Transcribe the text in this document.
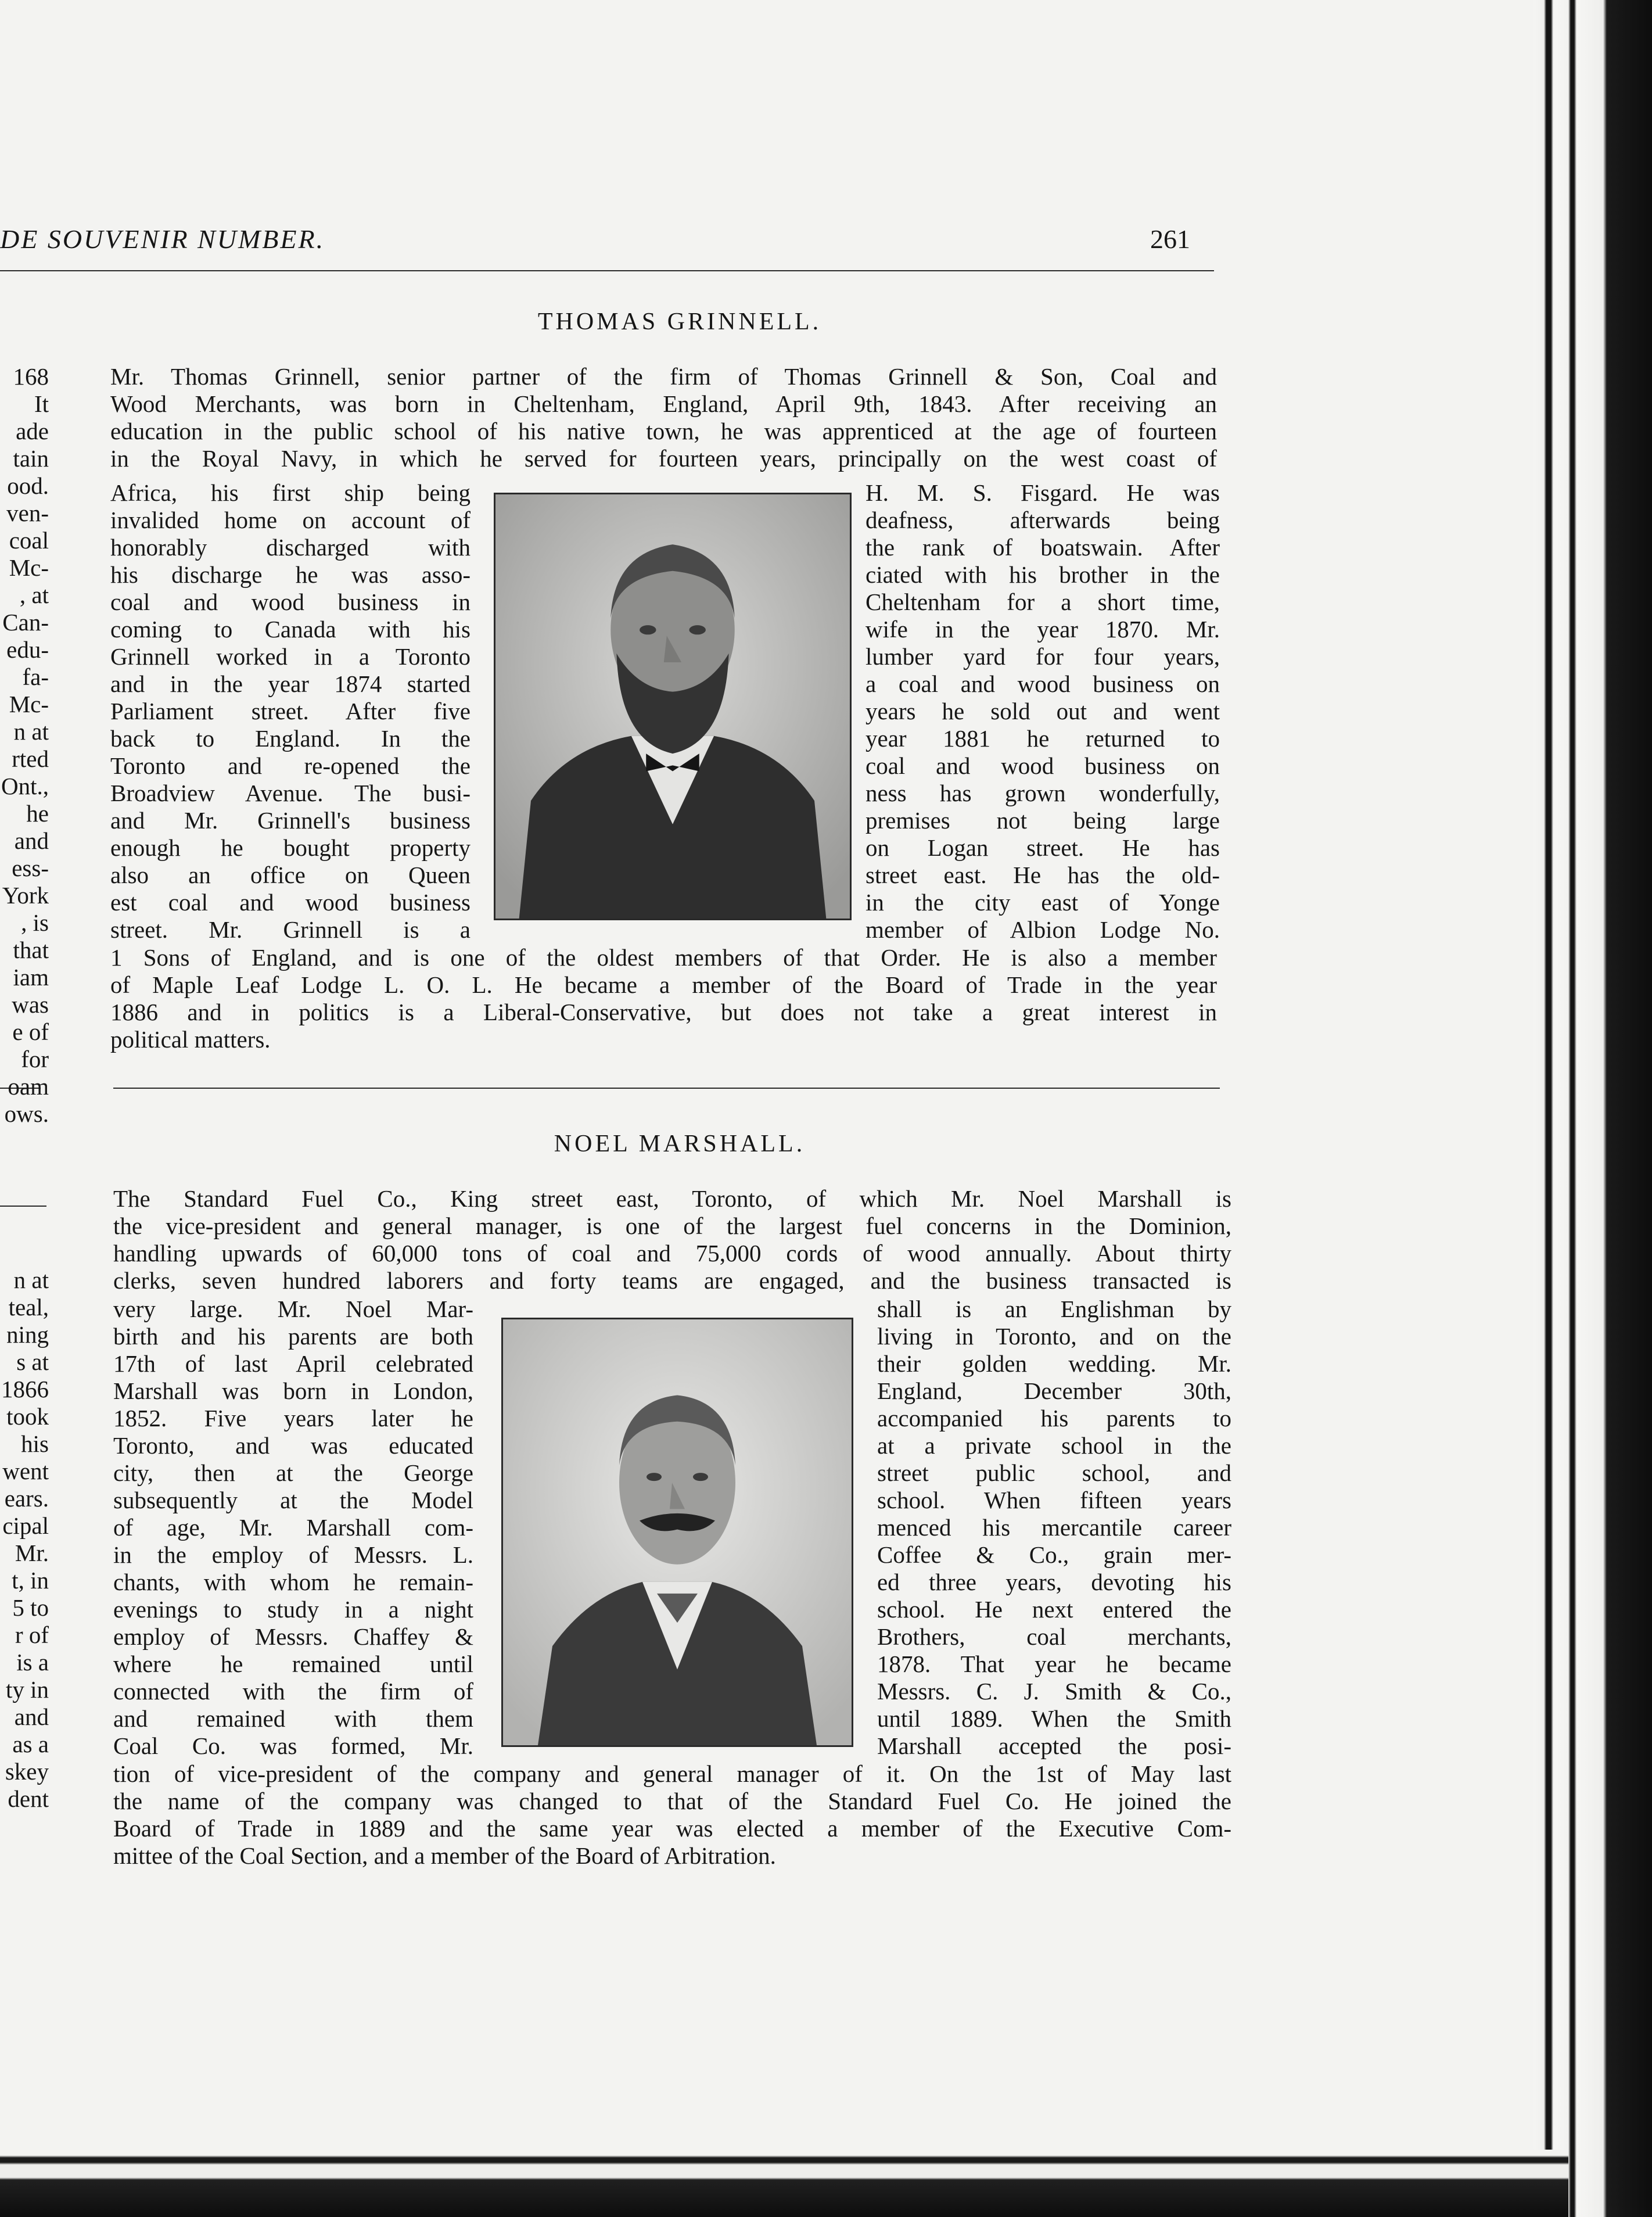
DE SOUVENIR NUMBER.	261
168
It
ade
tain
ood.
ven-
coal
Mc-
, at
Can-
edu-
fa-
Mc-
n at
rted
Ont.,
he
and
ess-
York
, is
that
iam
was
e of
for
oam
ows.
n at
teal,
ning
s at
1866
took
his
went
ears.
cipal
Mr.
t, in
5 to
r of
is a
ty in
and
as a
skey
dent
THOMAS GRINNELL.
Mr. Thomas Grinnell, senior partner of the firm of Thomas Grinnell & Son, Coal and
Wood Merchants, was born in Cheltenham, England, April 9th, 1843. After receiving an
education in the public school of his native town, he was apprenticed at the age of fourteen
in the Royal Navy, in which he served for fourteen years, principally on the west coast of
Africa, his first ship being
invalided home on account of
honorably discharged with
his discharge he was asso-
coal and wood business in
coming to Canada with his
Grinnell worked in a Toronto
and in the year 1874 started
Parliament street. After five
back to England. In the
Toronto and re-opened the
Broadview Avenue. The busi-
and Mr. Grinnell's business
enough he bought property
also an office on Queen
est coal and wood business
street. Mr. Grinnell is a
H. M. S. Fisgard. He was
deafness, afterwards being
the rank of boatswain. After
ciated with his brother in the
Cheltenham for a short time,
wife in the year 1870. Mr.
lumber yard for four years,
a coal and wood business on
years he sold out and went
year 1881 he returned to
coal and wood business on
ness has grown wonderfully,
premises not being large
on Logan street. He has
street east. He has the old-
in the city east of Yonge
member of Albion Lodge No.
1 Sons of England, and is one of the oldest members of that Order. He is also a member
of Maple Leaf Lodge L. O. L. He became a member of the Board of Trade in the year
1886 and in politics is a Liberal-Conservative, but does not take a great interest in
political matters.
NOEL MARSHALL.
The Standard Fuel Co., King street east, Toronto, of which Mr. Noel Marshall is
the vice-president and general manager, is one of the largest fuel concerns in the Dominion,
handling upwards of 60,000 tons of coal and 75,000 cords of wood annually. About thirty
clerks, seven hundred laborers and forty teams are engaged, and the business transacted is
very large. Mr. Noel Mar-
birth and his parents are both
17th of last April celebrated
Marshall was born in London,
1852. Five years later he
Toronto, and was educated
city, then at the George
subsequently at the Model
of age, Mr. Marshall com-
in the employ of Messrs. L.
chants, with whom he remain-
evenings to study in a night
employ of Messrs. Chaffey &
where he remained until
connected with the firm of
and remained with them
Coal Co. was formed, Mr.
shall is an Englishman by
living in Toronto, and on the
their golden wedding. Mr.
England, December 30th,
accompanied his parents to
at a private school in the
street public school, and
school. When fifteen years
menced his mercantile career
Coffee & Co., grain mer-
ed three years, devoting his
school. He next entered the
Brothers, coal merchants,
1878. That year he became
Messrs. C. J. Smith & Co.,
until 1889. When the Smith
Marshall accepted the posi-
tion of vice-president of the company and general manager of it. On the 1st of May last
the name of the company was changed to that of the Standard Fuel Co. He joined the
Board of Trade in 1889 and the same year was elected a member of the Executive Com-
mittee of the Coal Section, and a member of the Board of Arbitration.
